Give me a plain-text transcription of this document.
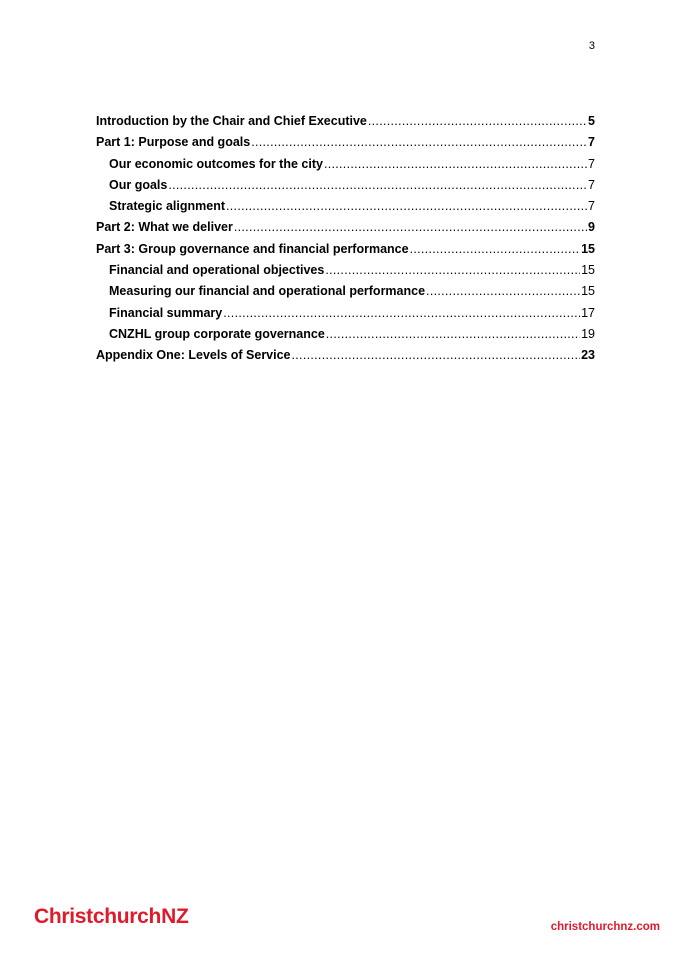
3
Introduction by the Chair and Chief Executive .....	5
Part 1: Purpose and goals .....	7
Our economic outcomes for the city .....	7
Our goals .....	7
Strategic alignment .....	7
Part 2: What we deliver .....	9
Part 3: Group governance and financial performance .....	15
Financial and operational objectives .....	15
Measuring our financial and operational performance .....	15
Financial summary .....	17
CNZHL group corporate governance .....	19
Appendix One: Levels of Service .....	23
ChristchurchNZ	christchurchnz.com
